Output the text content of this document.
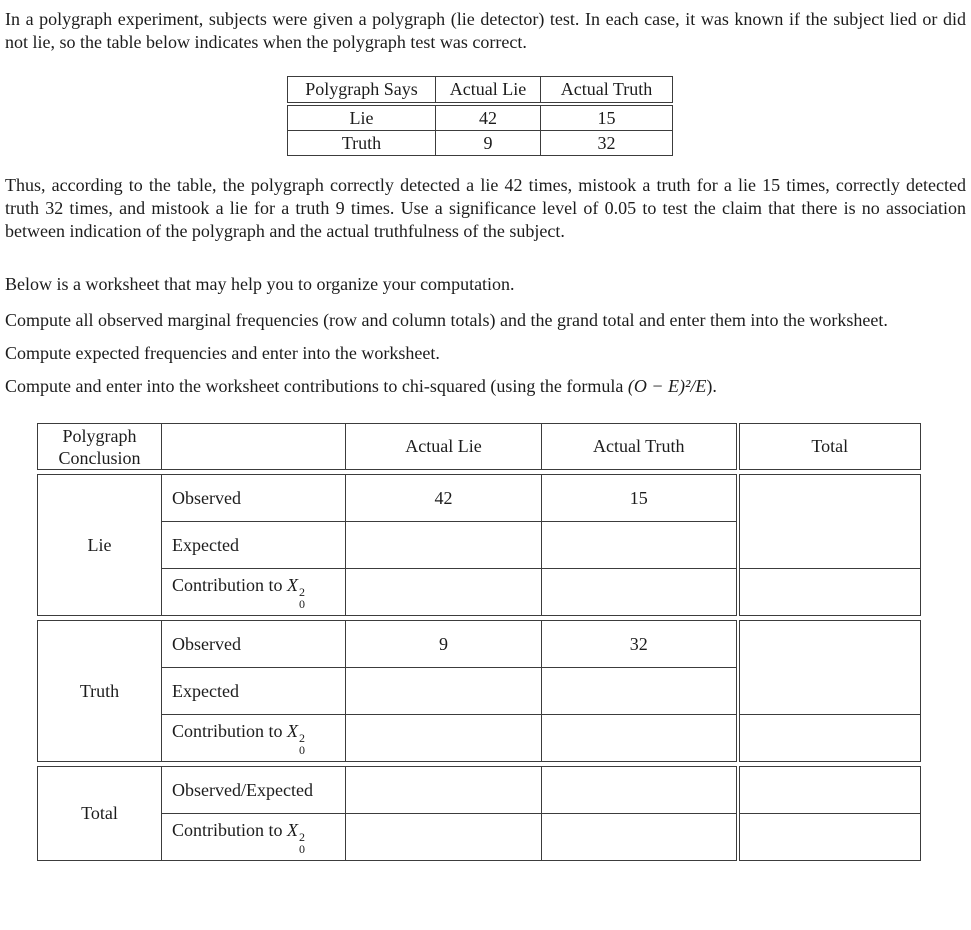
In a polygraph experiment, subjects were given a polygraph (lie detector) test. In each case, it was known if the subject lied or did not lie, so the table below indicates when the polygraph test was correct.

Polygraph Says	Actual Lie	Actual Truth
Lie	42	15
Truth	9	32

Thus, according to the table, the polygraph correctly detected a lie 42 times, mistook a truth for a lie 15 times, correctly detected truth 32 times, and mistook a lie for a truth 9 times. Use a significance level of 0.05 to test the claim that there is no association between indication of the polygraph and the actual truthfulness of the subject.

Below is a worksheet that may help you to organize your computation.

Compute all observed marginal frequencies (row and column totals) and the grand total and enter them into the worksheet.

Compute expected frequencies and enter into the worksheet.

Compute and enter into the worksheet contributions to chi-squared (using the formula (O − E)²/E).

Polygraph Conclusion
		Actual Lie	Actual Truth	Total
Lie	Observed	42	15	
	Expected			
	Contribution to X 2
0			

Truth	Observed	9	32	
	Expected			
	Contribution to X 2
0			

Total	Observed/Expected			
	Contribution to X 2
0			
